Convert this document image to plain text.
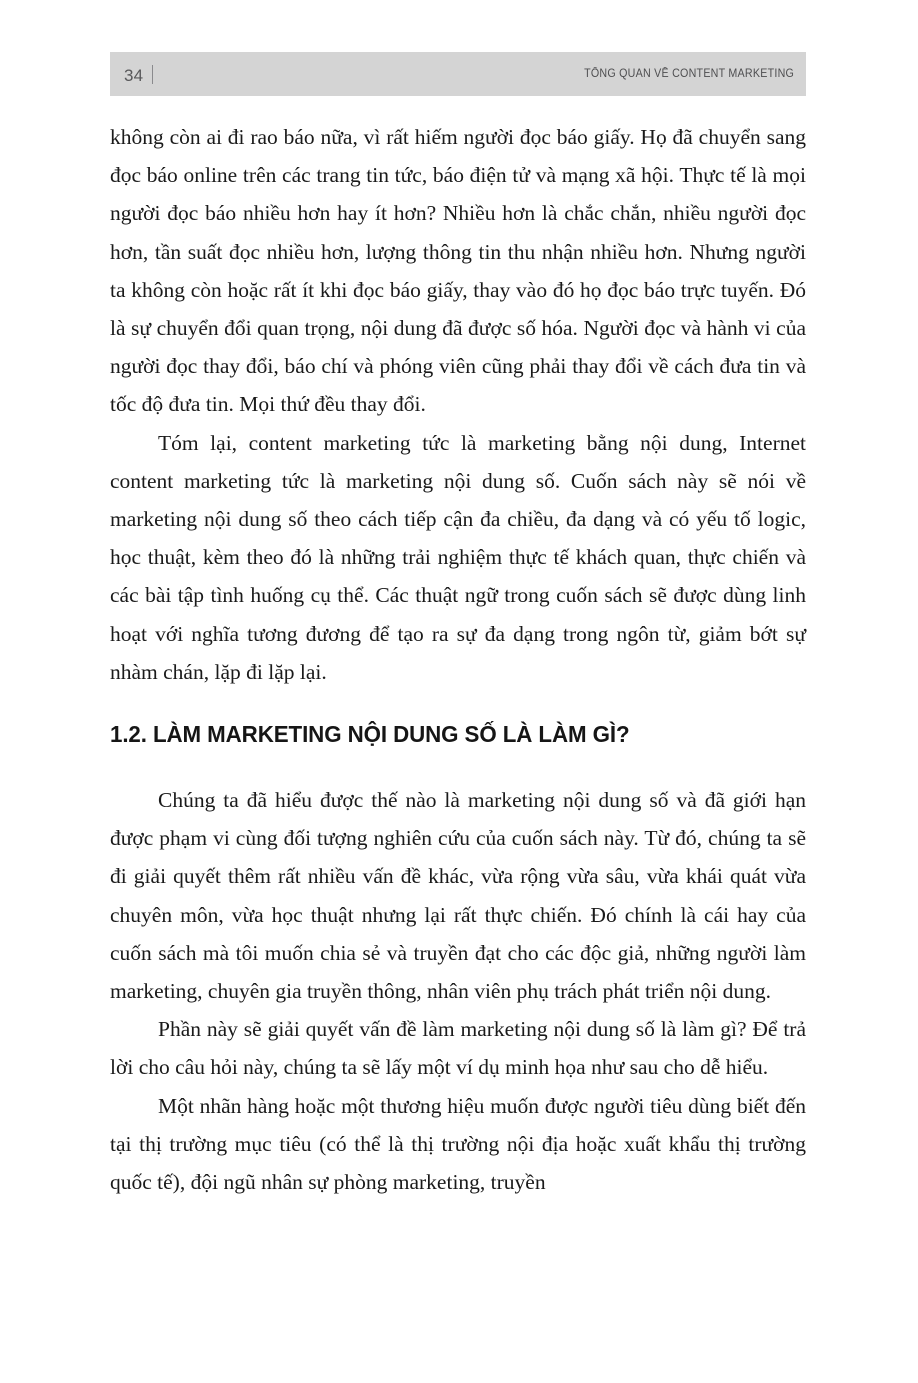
34	TỔNG QUAN VỀ CONTENT MARKETING

không còn ai đi rao báo nữa, vì rất hiếm người đọc báo giấy. Họ đã chuyển sang đọc báo online trên các trang tin tức, báo điện tử và mạng xã hội. Thực tế là mọi người đọc báo nhiều hơn hay ít hơn? Nhiều hơn là chắc chắn, nhiều người đọc hơn, tần suất đọc nhiều hơn, lượng thông tin thu nhận nhiều hơn. Nhưng người ta không còn hoặc rất ít khi đọc báo giấy, thay vào đó họ đọc báo trực tuyến. Đó là sự chuyển đổi quan trọng, nội dung đã được số hóa. Người đọc và hành vi của người đọc thay đổi, báo chí và phóng viên cũng phải thay đổi về cách đưa tin và tốc độ đưa tin. Mọi thứ đều thay đổi.

Tóm lại, content marketing tức là marketing bằng nội dung, Internet content marketing tức là marketing nội dung số. Cuốn sách này sẽ nói về marketing nội dung số theo cách tiếp cận đa chiều, đa dạng và có yếu tố logic, học thuật, kèm theo đó là những trải nghiệm thực tế khách quan, thực chiến và các bài tập tình huống cụ thể. Các thuật ngữ trong cuốn sách sẽ được dùng linh hoạt với nghĩa tương đương để tạo ra sự đa dạng trong ngôn từ, giảm bớt sự nhàm chán, lặp đi lặp lại.

1.2. LÀM MARKETING NỘI DUNG SỐ LÀ LÀM GÌ?

Chúng ta đã hiểu được thế nào là marketing nội dung số và đã giới hạn được phạm vi cùng đối tượng nghiên cứu của cuốn sách này. Từ đó, chúng ta sẽ đi giải quyết thêm rất nhiều vấn đề khác, vừa rộng vừa sâu, vừa khái quát vừa chuyên môn, vừa học thuật nhưng lại rất thực chiến. Đó chính là cái hay của cuốn sách mà tôi muốn chia sẻ và truyền đạt cho các độc giả, những người làm marketing, chuyên gia truyền thông, nhân viên phụ trách phát triển nội dung.

Phần này sẽ giải quyết vấn đề làm marketing nội dung số là làm gì? Để trả lời cho câu hỏi này, chúng ta sẽ lấy một ví dụ minh họa như sau cho dễ hiểu.

Một nhãn hàng hoặc một thương hiệu muốn được người tiêu dùng biết đến tại thị trường mục tiêu (có thể là thị trường nội địa hoặc xuất khẩu thị trường quốc tế), đội ngũ nhân sự phòng marketing, truyền
